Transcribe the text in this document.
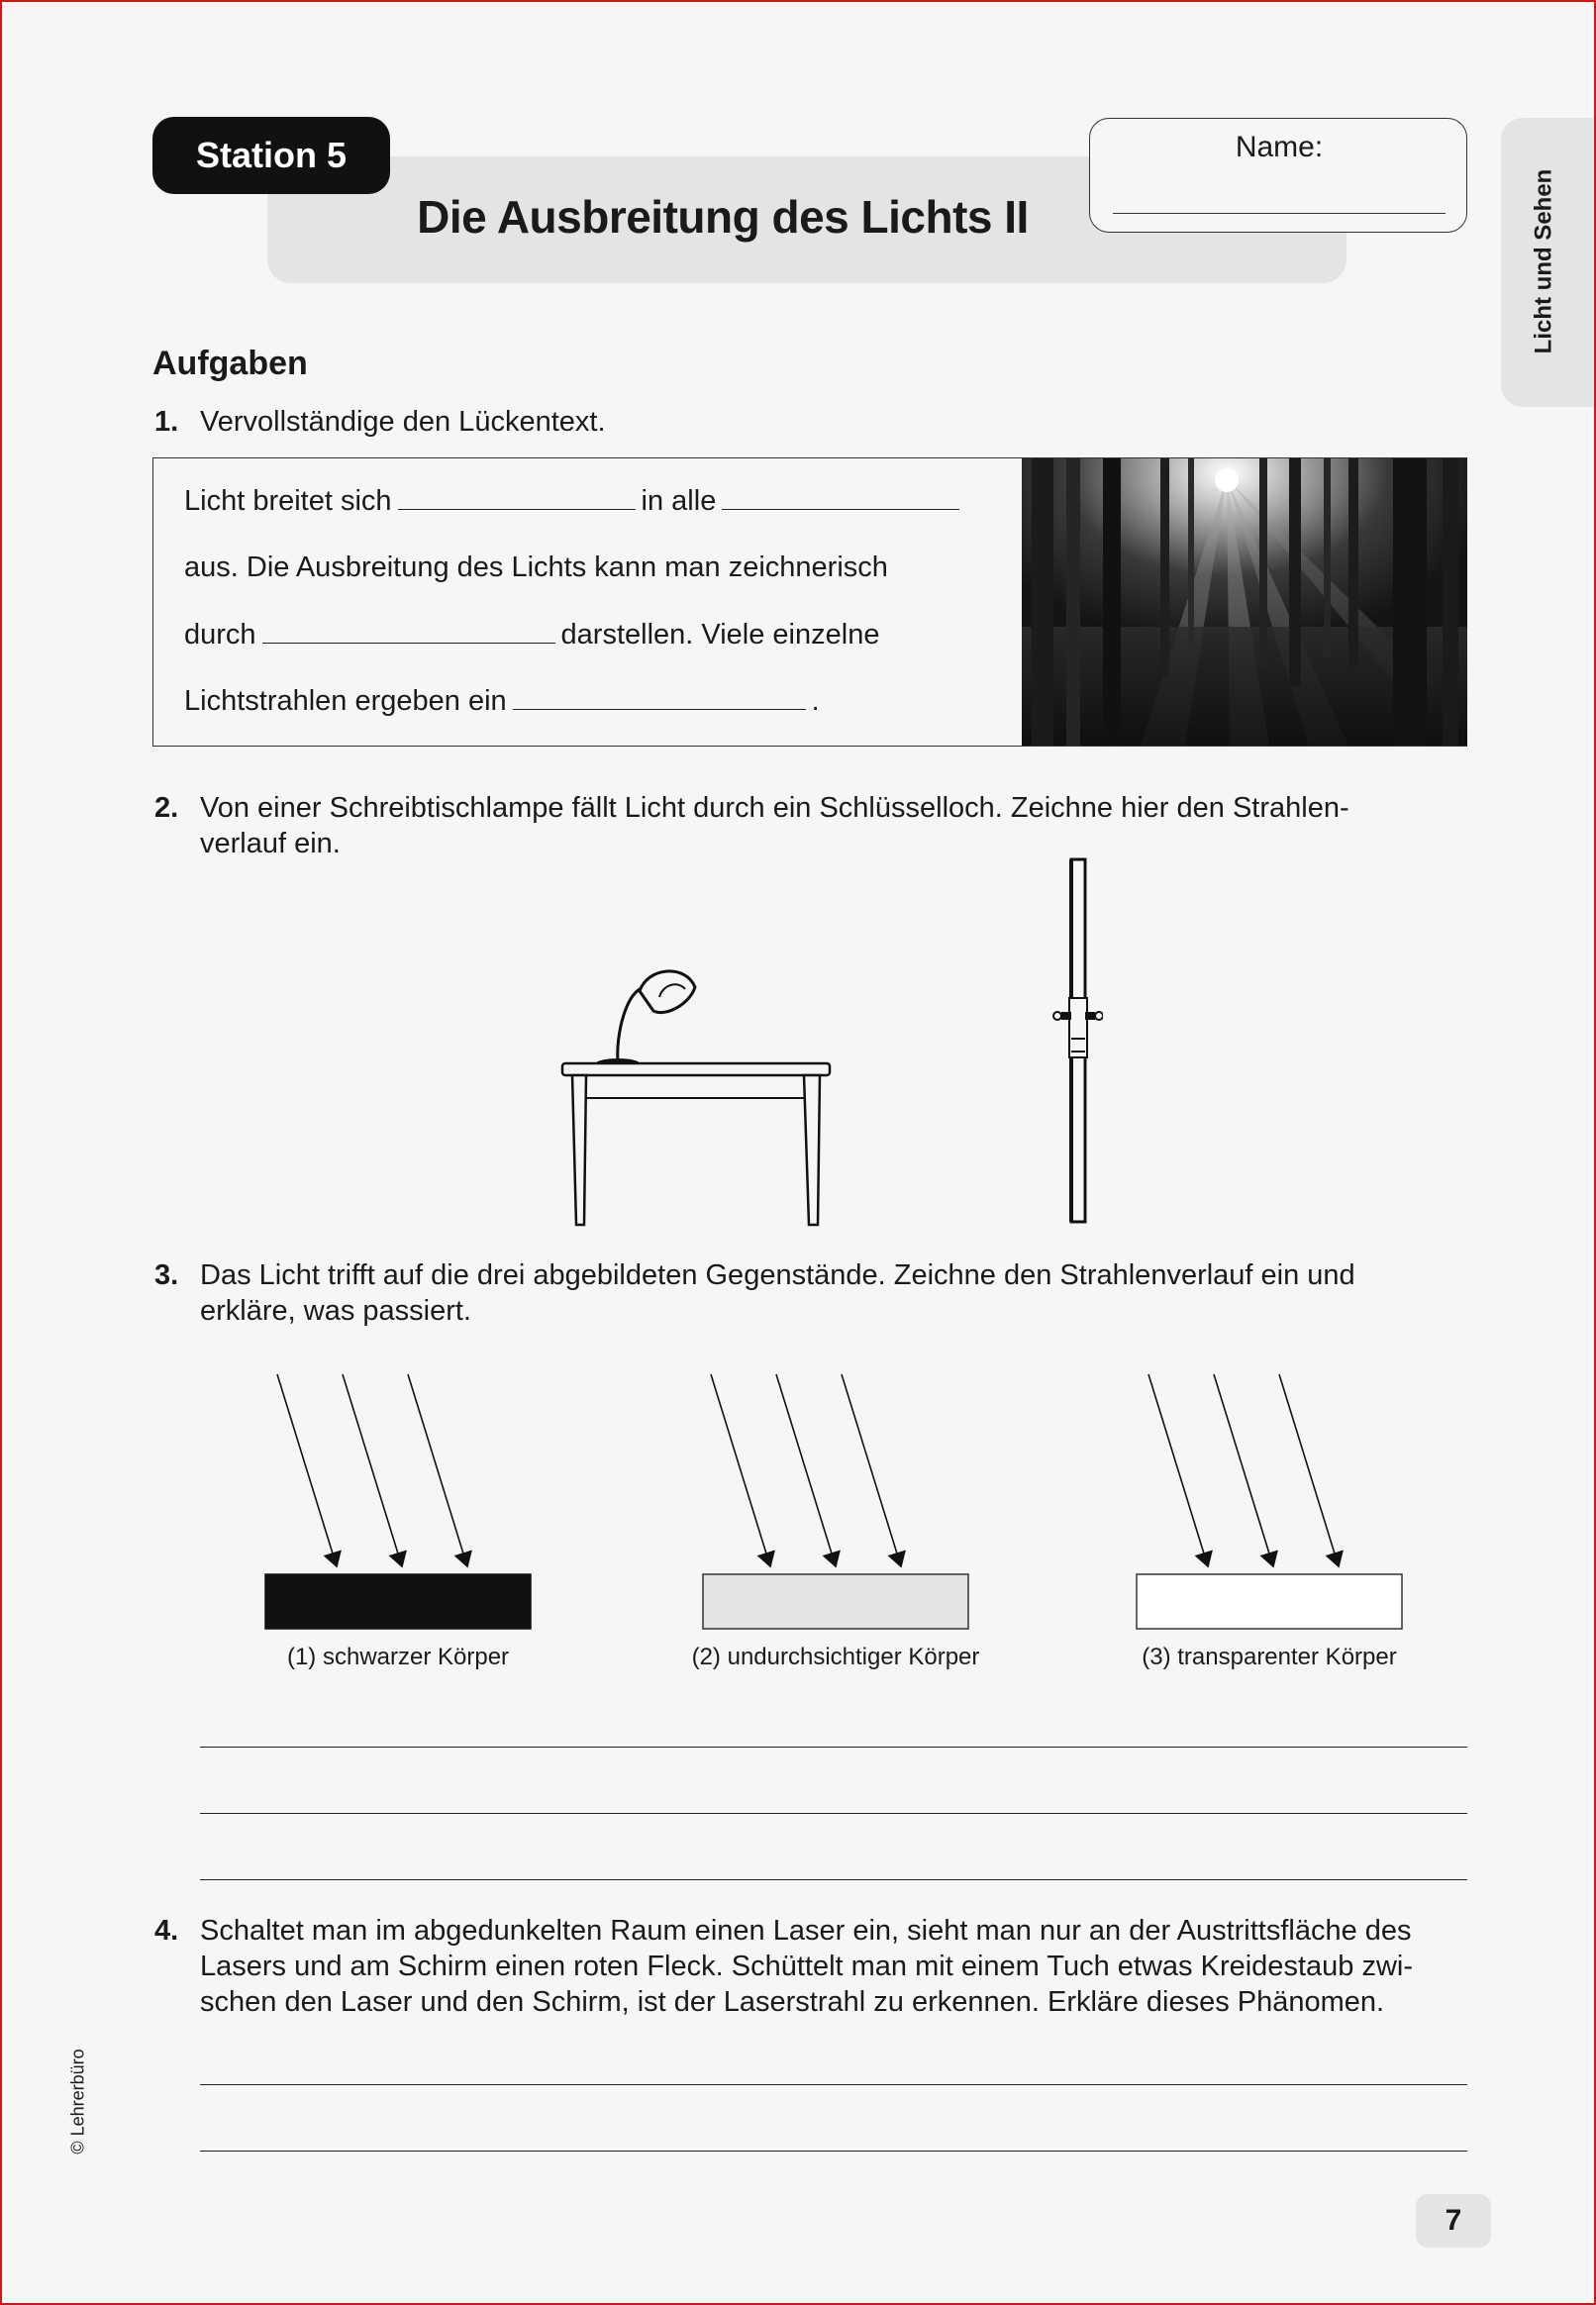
Station 5
Die Ausbreitung des Lichts II
Name:
Licht und Sehen
Aufgaben
1. Vervollständige den Lückentext.
Licht breitet sich	in alle
aus. Die Ausbreitung des Lichts kann man zeichnerisch
durch	darstellen. Viele einzelne
Lichtstrahlen ergeben ein	.
2. Von einer Schreibtischlampe fällt Licht durch ein Schlüsselloch. Zeichne hier den Strahlen-
verlauf ein.
3. Das Licht trifft auf die drei abgebildeten Gegenstände. Zeichne den Strahlenverlauf ein und
erkläre, was passiert.
(1) schwarzer Körper	(2) undurchsichtiger Körper	(3) transparenter Körper
4. Schaltet man im abgedunkelten Raum einen Laser ein, sieht man nur an der Austrittsfläche des
Lasers und am Schirm einen roten Fleck. Schüttelt man mit einem Tuch etwas Kreidestaub zwi-
schen den Laser und den Schirm, ist der Laserstrahl zu erkennen. Erkläre dieses Phänomen.
© Lehrerbüro
7
